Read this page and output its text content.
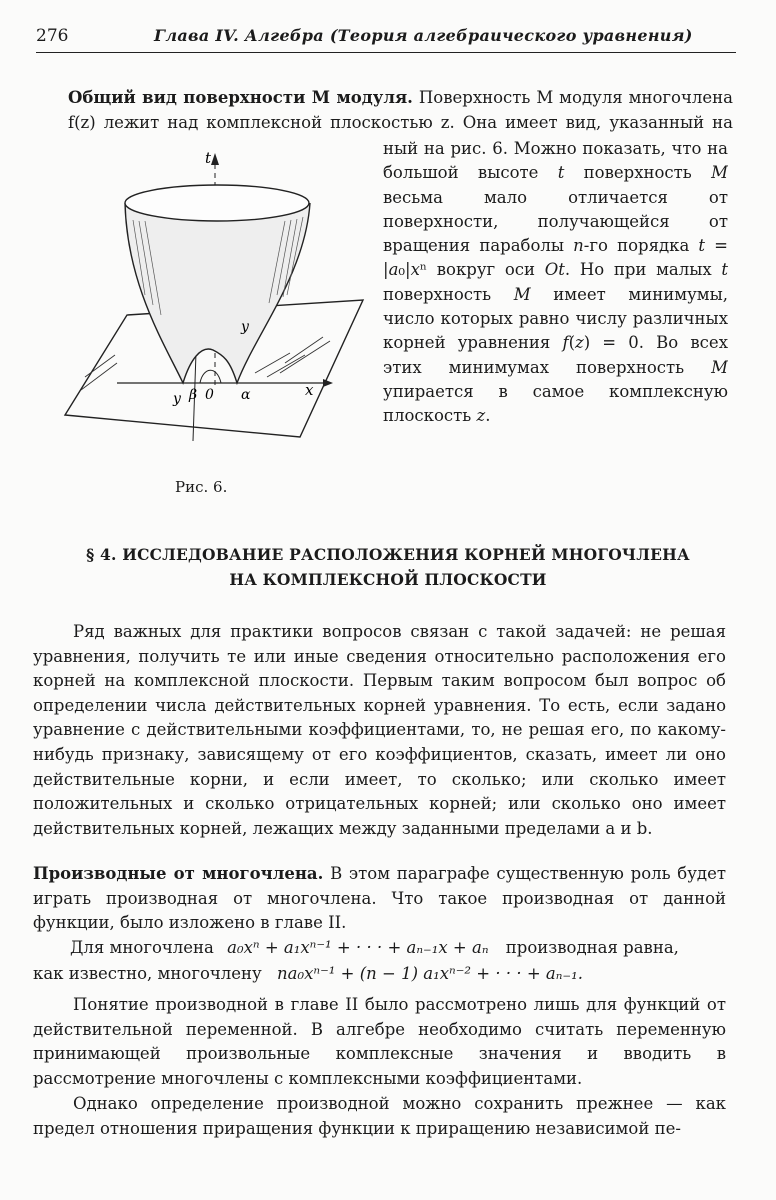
276	Глава IV. Алгебра (Теория алгебраического уравнения)
Общий вид поверхности M модуля. Поверхность M модуля многочлена f(z) лежит над комплексной плоскостью z. Она имеет вид, указанный на
t
y
x
y β 0 α
Рис. 6.
ный на рис. 6. Можно показать, что на большой высоте t поверхность M весьма мало отличается от поверхности, получающейся от вращения параболы n-го порядка t = |a₀|xⁿ вокруг оси Ot. Но при малых t поверхность M имеет минимумы, число которых равно числу различных корней уравнения f(z) = 0. Во всех этих минимумах поверхность M упирается в самое комплексную плоскость z.
§ 4. ИССЛЕДОВАНИЕ РАСПОЛОЖЕНИЯ КОРНЕЙ МНОГОЧЛЕНА
НА КОМПЛЕКСНОЙ ПЛОСКОСТИ
Ряд важных для практики вопросов связан с такой задачей: не решая уравнения, получить те или иные сведения относительно расположения его корней на комплексной плоскости. Первым таким вопросом был вопрос об определении числа действительных корней уравнения. То есть, если задано уравнение с действительными коэффициентами, то, не решая его, по какому-нибудь признаку, зависящему от его коэффициентов, сказать, имеет ли оно действительные корни, и если имеет, то сколько; или сколько имеет положительных и сколько отрицательных корней; или сколько оно имеет действительных корней, лежащих между заданными пределами a и b.
Производные от многочлена. В этом параграфе существенную роль будет играть производная от многочлена. Что такое производная от данной функции, было изложено в главе II.
Для многочлена a₀xⁿ + a₁xⁿ⁻¹ + · · · + aₙ₋₁x + aₙ производная равна,
как известно, многочлену na₀xⁿ⁻¹ + (n − 1) a₁xⁿ⁻² + · · · + aₙ₋₁.
Понятие производной в главе II было рассмотрено лишь для функций от действительной переменной. В алгебре необходимо считать переменную принимающей произвольные комплексные значения и вводить в рассмотрение многочлены с комплексными коэффициентами.
Однако определение производной можно сохранить прежнее — как предел отношения приращения функции к приращению независимой пе-
